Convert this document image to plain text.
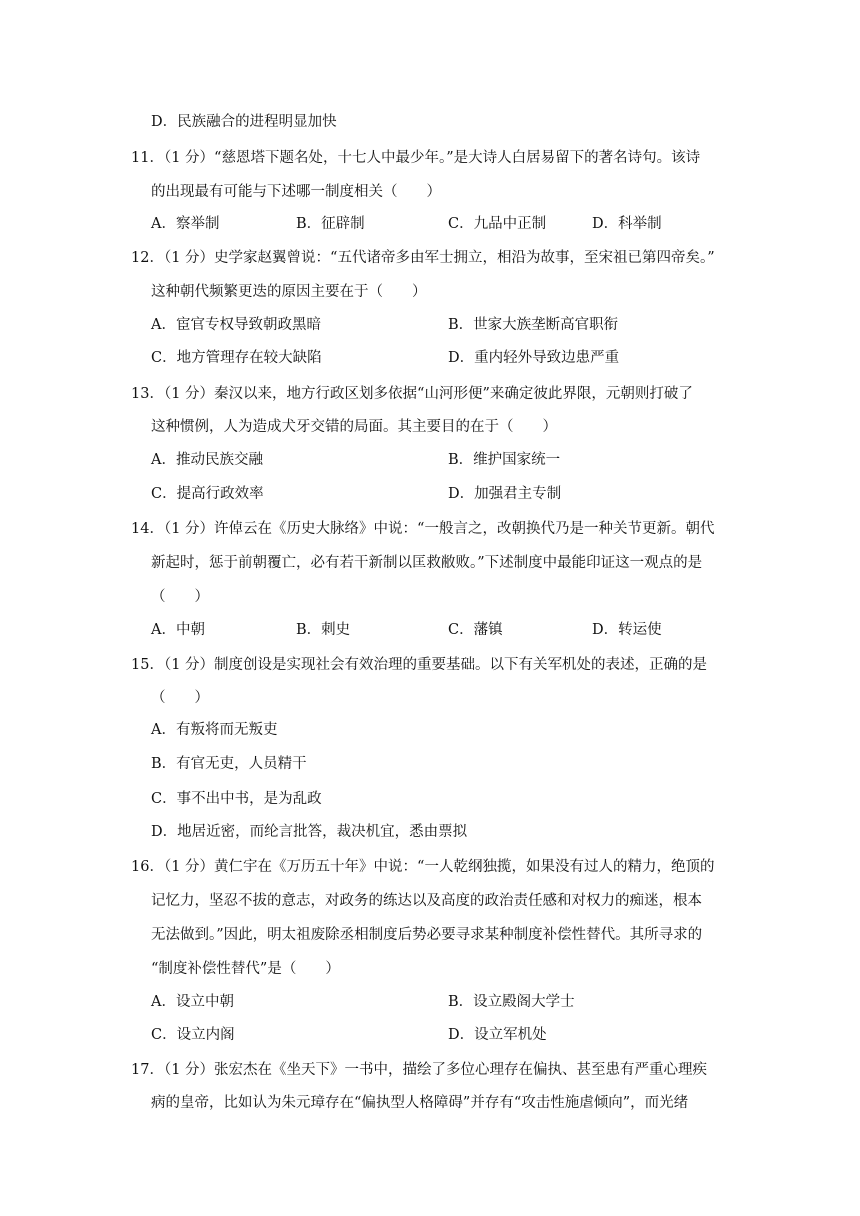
D．民族融合的进程明显加快
11．（1 分）“慈恩塔下题名处，十七人中最少年。”是大诗人白居易留下的著名诗句。该诗
的出现最有可能与下述哪一制度相关（　　）
A．察举制	B．征辟制	C．九品中正制	D．科举制
12．（1 分）史学家赵翼曾说：“五代诸帝多由军士拥立，相沿为故事，至宋祖已第四帝矣。”
这种朝代频繁更迭的原因主要在于（　　）
A．宦官专权导致朝政黑暗	B．世家大族垄断高官职衔
C．地方管理存在较大缺陷	D．重内轻外导致边患严重
13．（1 分）秦汉以来，地方行政区划多依据“山河形便”来确定彼此界限，元朝则打破了
这种惯例，人为造成犬牙交错的局面。其主要目的在于（　　）
A．推动民族交融	B．维护国家统一
C．提高行政效率	D．加强君主专制
14．（1 分）许倬云在《历史大脉络》中说：“一般言之，改朝换代乃是一种关节更新。朝代
新起时，惩于前朝覆亡，必有若干新制以匡救敝败。”下述制度中最能印证这一观点的是
（　　）
A．中朝	B．刺史	C．藩镇	D．转运使
15．（1 分）制度创设是实现社会有效治理的重要基础。以下有关军机处的表述，正确的是
（　　）
A．有叛将而无叛吏
B．有官无吏，人员精干
C．事不出中书，是为乱政
D．地居近密，而纶言批答，裁决机宜，悉由票拟
16．（1 分）黄仁宇在《万历五十年》中说：“一人乾纲独揽，如果没有过人的精力，绝顶的
记忆力，坚忍不拔的意志，对政务的练达以及高度的政治责任感和对权力的痴迷，根本
无法做到。”因此，明太祖废除丞相制度后势必要寻求某种制度补偿性替代。其所寻求的
“制度补偿性替代”是（　　）
A．设立中朝	B．设立殿阁大学士
C．设立内阁	D．设立军机处
17．（1 分）张宏杰在《坐天下》一书中，描绘了多位心理存在偏执、甚至患有严重心理疾
病的皇帝，比如认为朱元璋存在“偏执型人格障碍”并存有“攻击性施虐倾向”，而光绪
